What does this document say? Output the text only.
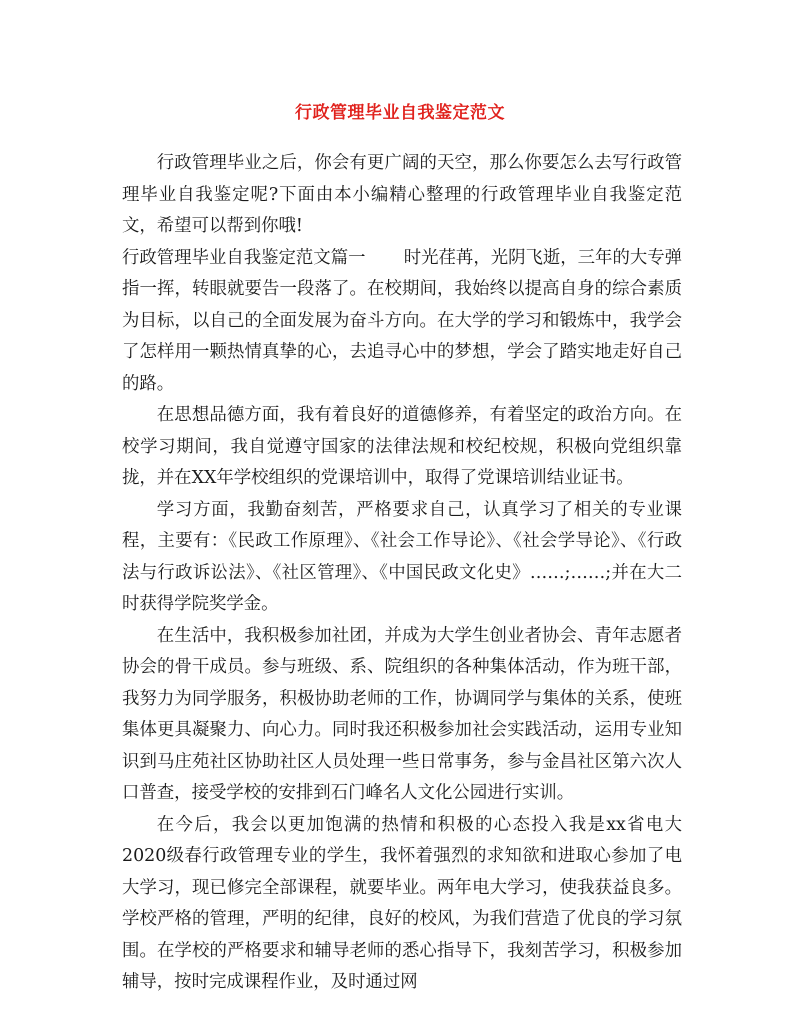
行政管理毕业自我鉴定范文

行政管理毕业之后，你会有更广阔的天空，那么你要怎么去写行政管理毕业自我鉴定呢?下面由本小编精心整理的行政管理毕业自我鉴定范文，希望可以帮到你哦!

行政管理毕业自我鉴定范文篇一 时光荏苒，光阴飞逝，三年的大专弹指一挥，转眼就要告一段落了。在校期间，我始终以提高自身的综合素质为目标，以自己的全面发展为奋斗方向。在大学的学习和锻炼中，我学会了怎样用一颗热情真挚的心，去追寻心中的梦想，学会了踏实地走好自己的路。

在思想品德方面，我有着良好的道德修养，有着坚定的政治方向。在校学习期间，我自觉遵守国家的法律法规和校纪校规，积极向党组织靠拢，并在XX年学校组织的党课培训中，取得了党课培训结业证书。

学习方面，我勤奋刻苦，严格要求自己，认真学习了相关的专业课程，主要有：《民政工作原理》、《社会工作导论》、《社会学导论》、《行政法与行政诉讼法》、《社区管理》、《中国民政文化史》……;……;并在大二时获得学院奖学金。

在生活中，我积极参加社团，并成为大学生创业者协会、青年志愿者协会的骨干成员。参与班级、系、院组织的各种集体活动，作为班干部，我努力为同学服务，积极协助老师的工作，协调同学与集体的关系，使班集体更具凝聚力、向心力。同时我还积极参加社会实践活动，运用专业知识到马庄苑社区协助社区人员处理一些日常事务，参与金昌社区第六次人口普查，接受学校的安排到石门峰名人文化公园进行实训。

在今后，我会以更加饱满的热情和积极的心态投入我是xx省电大2020级春行政管理专业的学生，我怀着强烈的求知欲和进取心参加了电大学习，现已修完全部课程，就要毕业。两年电大学习，使我获益良多。学校严格的管理，严明的纪律，良好的校风，为我们营造了优良的学习氛围。在学校的严格要求和辅导老师的悉心指导下，我刻苦学习，积极参加辅导，按时完成课程作业，及时通过网
